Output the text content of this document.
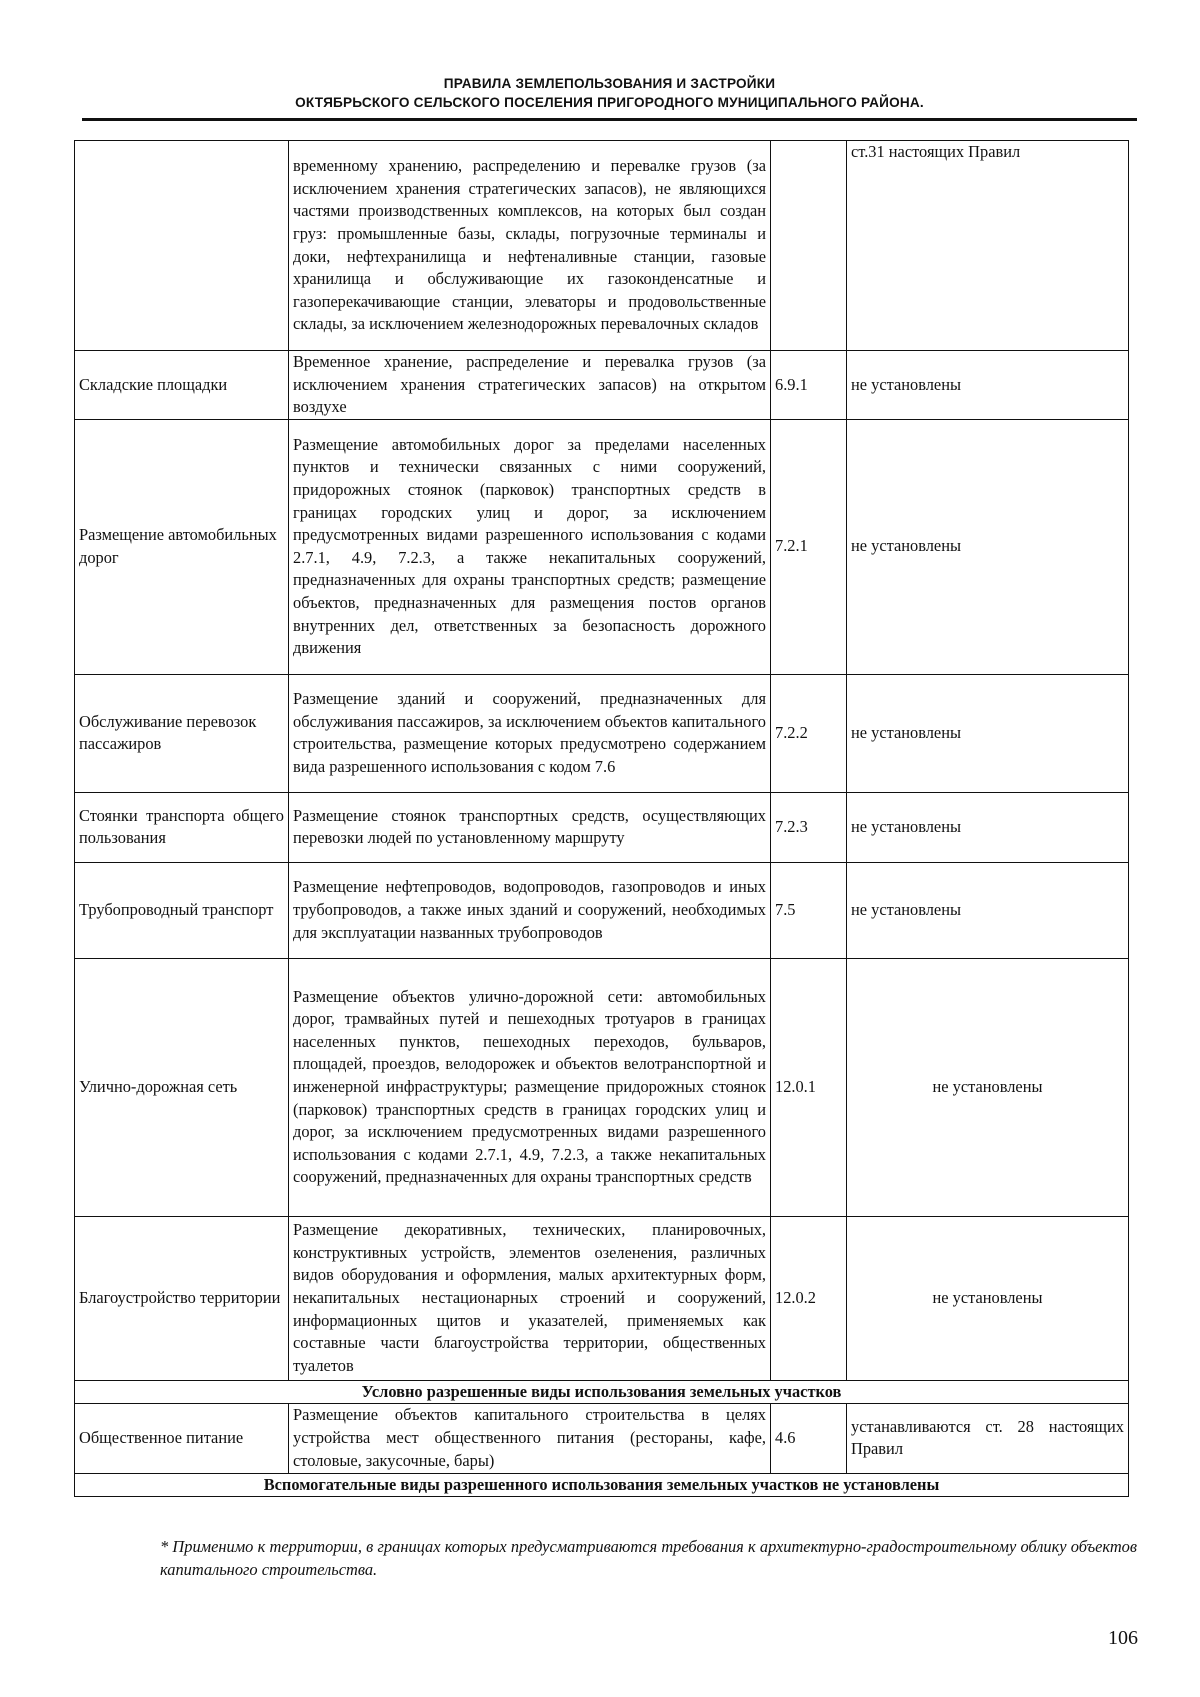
ПРАВИЛА ЗЕМЛЕПОЛЬЗОВАНИЯ И ЗАСТРОЙКИ
ОКТЯБРЬСКОГО СЕЛЬСКОГО ПОСЕЛЕНИЯ ПРИГОРОДНОГО МУНИЦИПАЛЬНОГО РАЙОНА.
	временному хранению, распределению и перевалке грузов (за исключением хранения стратегических запасов), не являющихся частями производственных комплексов, на которых был создан груз: промышленные базы, склады, погрузочные терминалы и доки, нефтехранилища и нефтеналивные станции, газовые хранилища и обслуживающие их газоконденсатные и газоперекачивающие станции, элеваторы и продовольственные склады, за исключением железнодорожных перевалочных складов		ст.31 настоящих Правил
Складские площадки	Временное хранение, распределение и перевалка грузов (за исключением хранения стратегических запасов) на открытом воздухе	6.9.1	не установлены
Размещение автомобильных дорог	Размещение автомобильных дорог за пределами населенных пунктов и технически связанных с ними сооружений, придорожных стоянок (парковок) транспортных средств в границах городских улиц и дорог, за исключением предусмотренных видами разрешенного использования с кодами 2.7.1, 4.9, 7.2.3, а также некапитальных сооружений, предназначенных для охраны транспортных средств; размещение объектов, предназначенных для размещения постов органов внутренних дел, ответственных за безопасность дорожного движения	7.2.1	не установлены
Обслуживание перевозок пассажиров	Размещение зданий и сооружений, предназначенных для обслуживания пассажиров, за исключением объектов капитального строительства, размещение которых предусмотрено содержанием вида разрешенного использования с кодом 7.6	7.2.2	не установлены
Стоянки транспорта общего пользования	Размещение стоянок транспортных средств, осуществляющих перевозки людей по установленному маршруту	7.2.3	не установлены
Трубопроводный транспорт	Размещение нефтепроводов, водопроводов, газопроводов и иных трубопроводов, а также иных зданий и сооружений, необходимых для эксплуатации названных трубопроводов	7.5	не установлены
Улично-дорожная сеть	Размещение объектов улично-дорожной сети: автомобильных дорог, трамвайных путей и пешеходных тротуаров в границах населенных пунктов, пешеходных переходов, бульваров, площадей, проездов, велодорожек и объектов велотранспортной и инженерной инфраструктуры; размещение придорожных стоянок (парковок) транспортных средств в границах городских улиц и дорог, за исключением предусмотренных видами разрешенного использования с кодами 2.7.1, 4.9, 7.2.3, а также некапитальных сооружений, предназначенных для охраны транспортных средств	12.0.1	не установлены
Благоустройство территории	Размещение декоративных, технических, планировочных, конструктивных устройств, элементов озеленения, различных видов оборудования и оформления, малых архитектурных форм, некапитальных нестационарных строений и сооружений, информационных щитов и указателей, применяемых как составные части благоустройства территории, общественных туалетов	12.0.2	не установлены
Условно разрешенные виды использования земельных участков			
Общественное питание	Размещение объектов капитального строительства в целях устройства мест общественного питания (рестораны, кафе, столовые, закусочные, бары)	4.6	устанавливаются ст. 28 настоящих Правил
Вспомогательные виды разрешенного использования земельных участков не установлены			
* Применимо к территории, в границах которых предусматриваются требования к архитектурно-градостроительному облику объектов капитального строительства.
106
